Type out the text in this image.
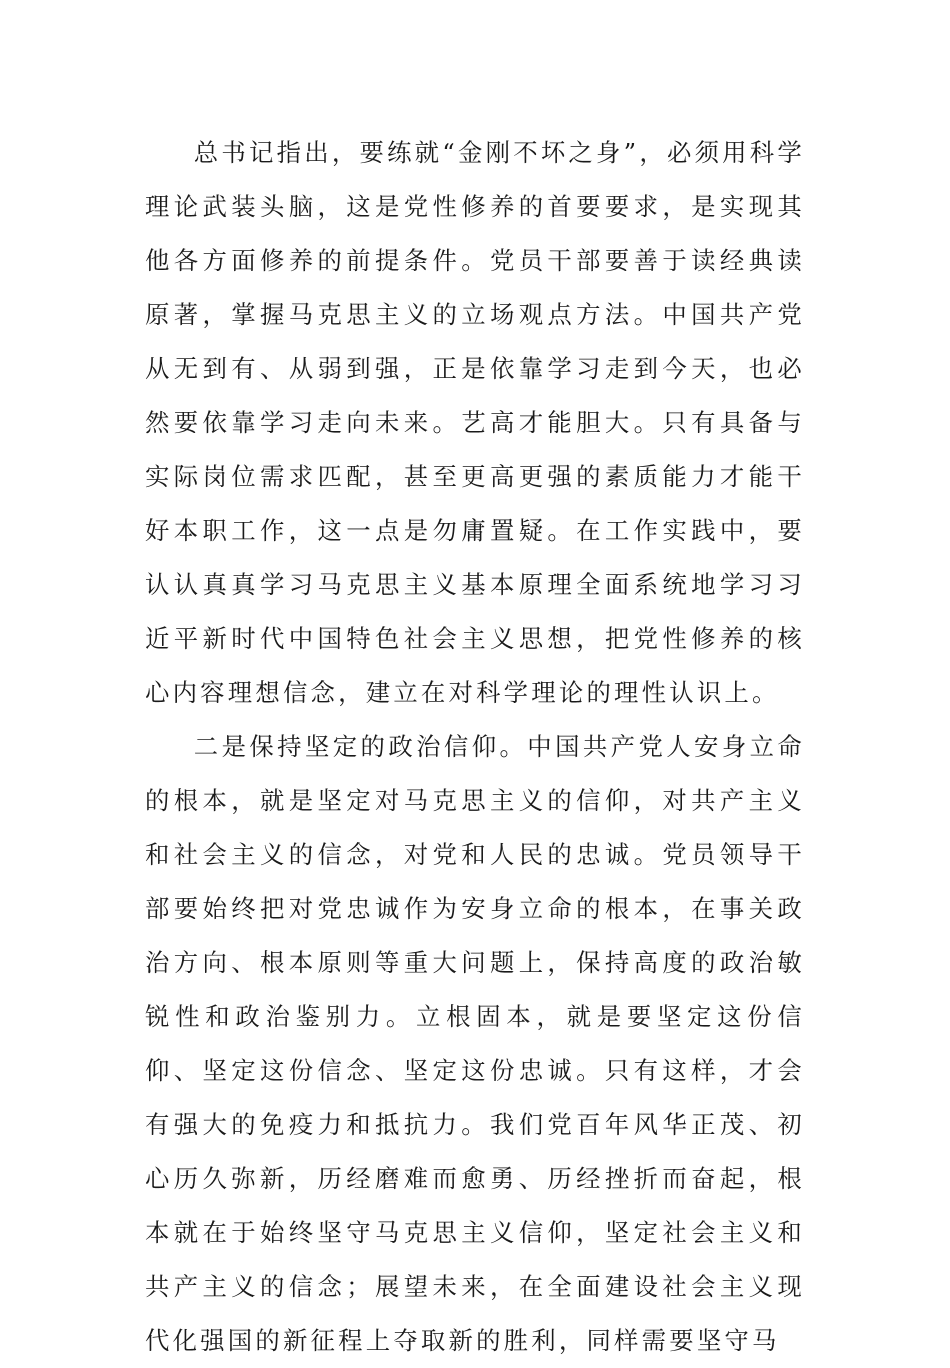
总书记指出，要练就“金刚不坏之身”，必须用科学理论武装头脑，这是党性修养的首要要求，是实现其他各方面修养的前提条件。党员干部要善于读经典读原著，掌握马克思主义的立场观点方法。中国共产党从无到有、从弱到强，正是依靠学习走到今天，也必然要依靠学习走向未来。艺高才能胆大。只有具备与实际岗位需求匹配，甚至更高更强的素质能力才能干好本职工作，这一点是勿庸置疑。在工作实践中，要认认真真学习马克思主义基本原理全面系统地学习习近平新时代中国特色社会主义思想，把党性修养的核心内容理想信念，建立在对科学理论的理性认识上。

二是保持坚定的政治信仰。中国共产党人安身立命的根本，就是坚定对马克思主义的信仰，对共产主义和社会主义的信念，对党和人民的忠诚。党员领导干部要始终把对党忠诚作为安身立命的根本，在事关政治方向、根本原则等重大问题上，保持高度的政治敏锐性和政治鉴别力。立根固本，就是要坚定这份信仰、坚定这份信念、坚定这份忠诚。只有这样，才会有强大的免疫力和抵抗力。我们党百年风华正茂、初心历久弥新，历经磨难而愈勇、历经挫折而奋起，根本就在于始终坚守马克思主义信仰，坚定社会主义和共产主义的信念；展望未来，在全面建设社会主义现代化强国的新征程上夺取新的胜利，同样需要坚守马
